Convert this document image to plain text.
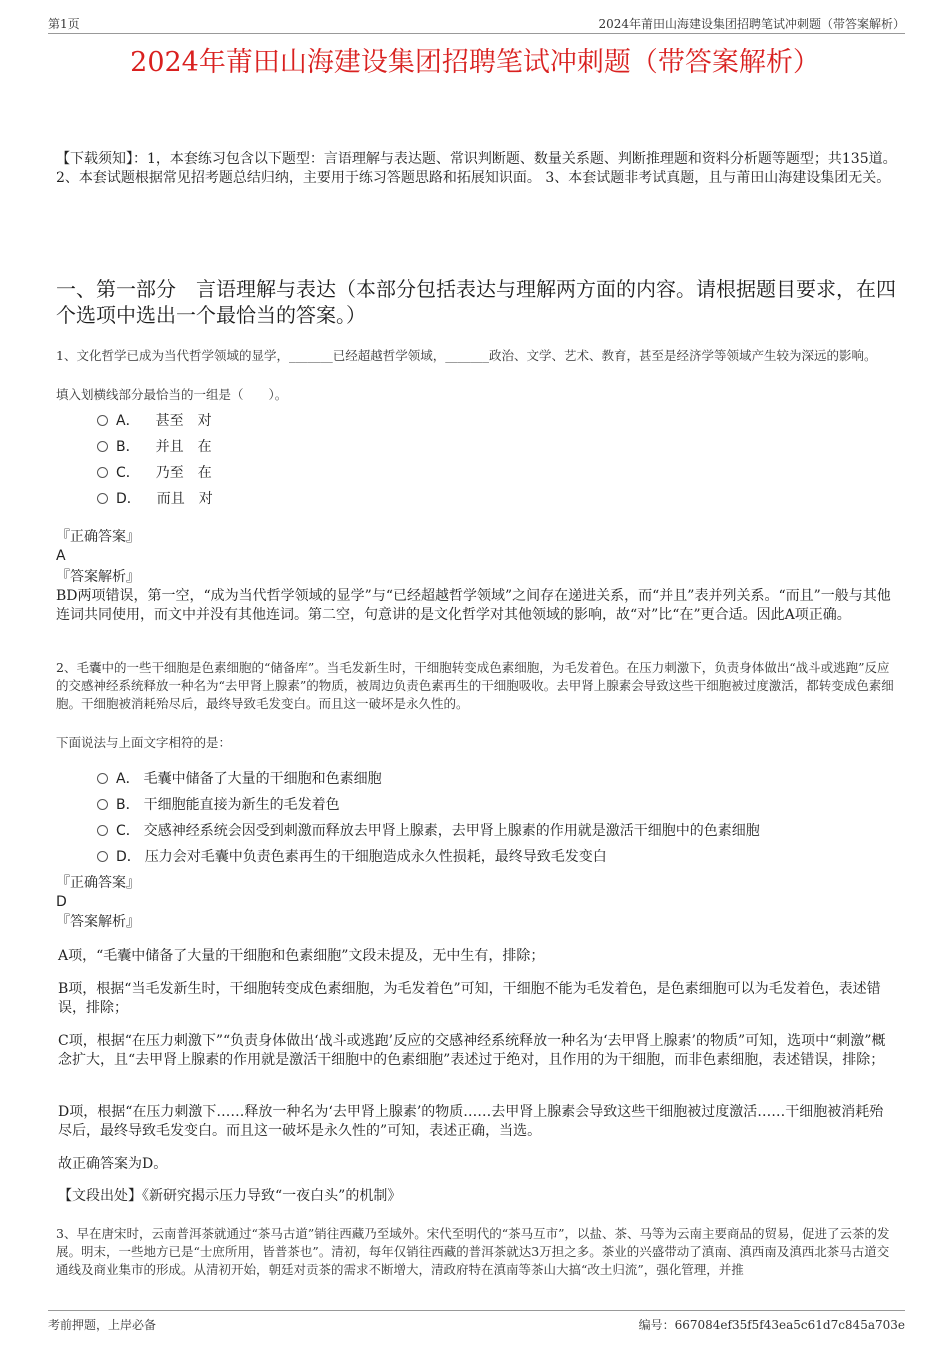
第1页	2024年莆田山海建设集团招聘笔试冲刺题（带答案解析）
2024年莆田山海建设集团招聘笔试冲刺题（带答案解析）
【下载须知】：1，本套练习包含以下题型：言语理解与表达题、常识判断题、数量关系题、判断推理题和资料分析题等题型；共135道。 2、本套试题根据常见招考题总结归纳，主要用于练习答题思路和拓展知识面。 3、本套试题非考试真题，且与莆田山海建设集团无关。
一、第一部分　言语理解与表达（本部分包括表达与理解两方面的内容。请根据题目要求，在四个选项中选出一个最恰当的答案。）
1、文化哲学已成为当代哲学领域的显学，_______已经超越哲学领域，_______政治、文学、艺术、教育，甚至是经济学等领域产生较为深远的影响。
填入划横线部分最恰当的一组是（　　）。
A． 甚至　对
B． 并且　在
C． 乃至　在
D． 而且　对
『正确答案』
A
『答案解析』
BD两项错误，第一空，“成为当代哲学领域的显学”与“已经超越哲学领域”之间存在递进关系，而“并且”表并列关系。“而且”一般与其他连词共同使用，而文中并没有其他连词。第二空，句意讲的是文化哲学对其他领域的影响，故“对”比“在”更合适。因此A项正确。
2、毛囊中的一些干细胞是色素细胞的“储备库”。当毛发新生时，干细胞转变成色素细胞，为毛发着色。在压力刺激下，负责身体做出“战斗或逃跑”反应的交感神经系统释放一种名为“去甲肾上腺素”的物质，被周边负责色素再生的干细胞吸收。去甲肾上腺素会导致这些干细胞被过度激活，都转变成色素细胞。干细胞被消耗殆尽后，最终导致毛发变白。而且这一破坏是永久性的。
下面说法与上面文字相符的是：
A． 毛囊中储备了大量的干细胞和色素细胞
B． 干细胞能直接为新生的毛发着色
C． 交感神经系统会因受到刺激而释放去甲肾上腺素，去甲肾上腺素的作用就是激活干细胞中的色素细胞
D． 压力会对毛囊中负责色素再生的干细胞造成永久性损耗，最终导致毛发变白
『正确答案』
D
『答案解析』
A项，“毛囊中储备了大量的干细胞和色素细胞”文段未提及，无中生有，排除；
B项，根据“当毛发新生时，干细胞转变成色素细胞，为毛发着色”可知，干细胞不能为毛发着色，是色素细胞可以为毛发着色，表述错误，排除；
C项，根据“在压力刺激下”“负责身体做出‘战斗或逃跑’反应的交感神经系统释放一种名为‘去甲肾上腺素’的物质”可知，选项中“刺激”概念扩大，且“去甲肾上腺素的作用就是激活干细胞中的色素细胞”表述过于绝对，且作用的为干细胞，而非色素细胞，表述错误，排除；
D项，根据“在压力刺激下……释放一种名为‘去甲肾上腺素’的物质……去甲肾上腺素会导致这些干细胞被过度激活……干细胞被消耗殆尽后，最终导致毛发变白。而且这一破坏是永久性的”可知，表述正确，当选。
故正确答案为D。
【文段出处】《新研究揭示压力导致“一夜白头”的机制》
3、早在唐宋时，云南普洱茶就通过“茶马古道”销往西藏乃至域外。宋代至明代的“茶马互市”，以盐、茶、马等为云南主要商品的贸易，促进了云茶的发展。明末，一些地方已是“士庶所用，皆普茶也”。清初，每年仅销往西藏的普洱茶就达3万担之多。茶业的兴盛带动了滇南、滇西南及滇西北茶马古道交通线及商业集市的形成。从清初开始，朝廷对贡茶的需求不断增大，清政府特在滇南等茶山大搞“改土归流”，强化管理，并推
考前押题，上岸必备	编号：667084ef35f5f43ea5c61d7c845a703e
